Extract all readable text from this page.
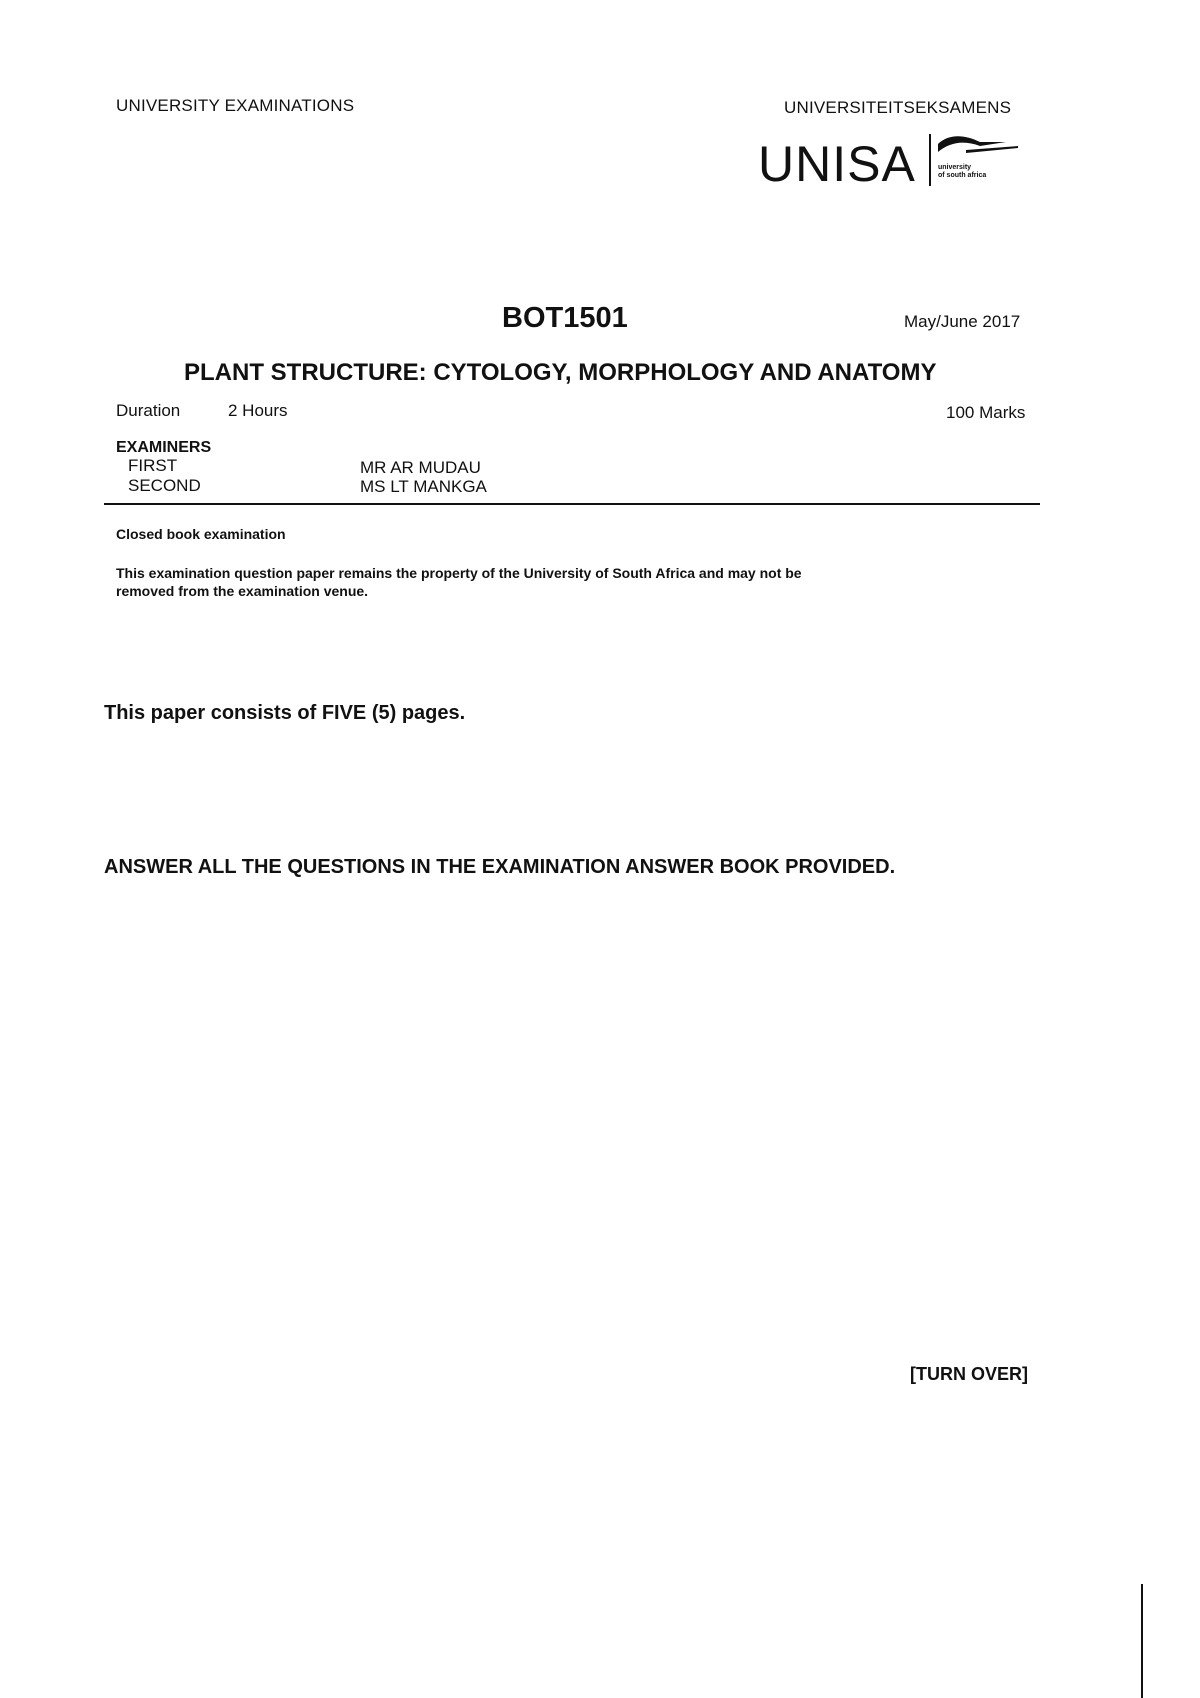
UNIVERSITY EXAMINATIONS	UNIVERSITEITSEKSAMENS
UNISA	university
of south africa
BOT1501	May/June 2017
PLANT STRUCTURE: CYTOLOGY, MORPHOLOGY AND ANATOMY
Duration	2 Hours	100 Marks
EXAMINERS
FIRST	MR AR MUDAU
SECOND	MS LT MANKGA
Closed book examination
This examination question paper remains the property of the University of South Africa and may not be
removed from the examination venue.
This paper consists of FIVE (5) pages.
ANSWER ALL THE QUESTIONS IN THE EXAMINATION ANSWER BOOK PROVIDED.
[TURN OVER]
